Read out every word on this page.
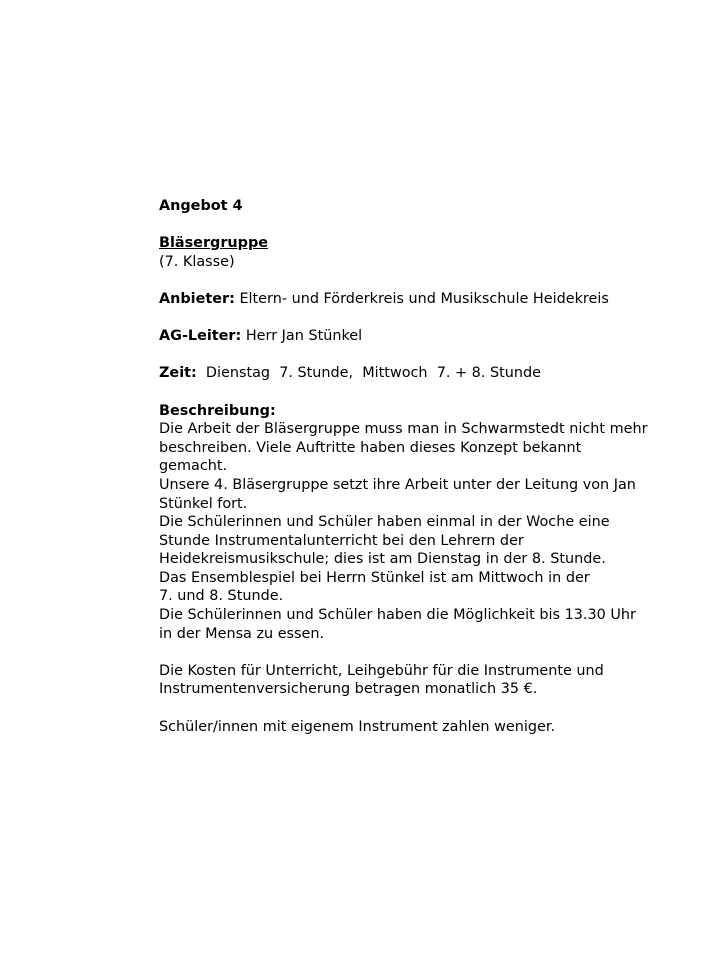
Angebot 4
Bläsergruppe
(7. Klasse)
Anbieter: Eltern- und Förderkreis und Musikschule Heidekreis
AG-Leiter: Herr Jan Stünkel
Zeit:  Dienstag  7. Stunde,  Mittwoch  7. + 8. Stunde
Beschreibung:
Die Arbeit der Bläsergruppe muss man in Schwarmstedt nicht mehr
beschreiben. Viele Auftritte haben dieses Konzept bekannt
gemacht.
Unsere 4. Bläsergruppe setzt ihre Arbeit unter der Leitung von Jan
Stünkel fort.
Die Schülerinnen und Schüler haben einmal in der Woche eine
Stunde Instrumentalunterricht bei den Lehrern der
Heidekreismusikschule; dies ist am Dienstag in der 8. Stunde.
Das Ensemblespiel bei Herrn Stünkel ist am Mittwoch in der
7. und 8. Stunde.
Die Schülerinnen und Schüler haben die Möglichkeit bis 13.30 Uhr
in der Mensa zu essen.
Die Kosten für Unterricht, Leihgebühr für die Instrumente und
Instrumentenversicherung betragen monatlich 35 €.
Schüler/innen mit eigenem Instrument zahlen weniger.
